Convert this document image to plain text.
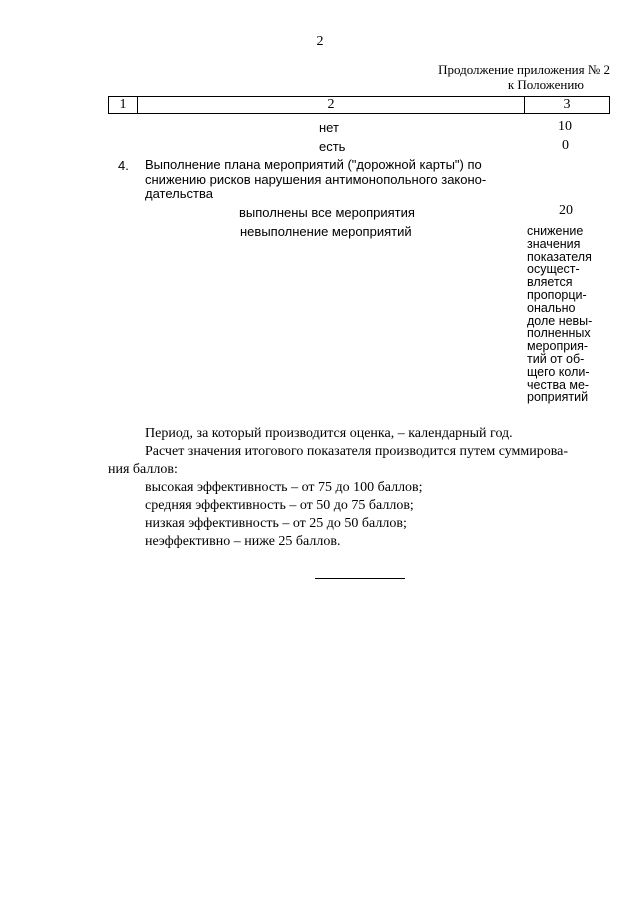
2
Продолжение приложения № 2
к Положению
1	2	3
нет	10
есть	0
4. Выполнение плана мероприятий ("дорожной карты") по
снижению рисков нарушения антимонопольного законо-
дательства
выполнены все мероприятия	20
невыполнение мероприятий	снижение
значения
показателя
осущест-
вляется
пропорци-
онально
доле невы-
полненных
мероприя-
тий от об-
щего коли-
чества ме-
роприятий
Период, за который производится оценка, – календарный год.
Расчет значения итогового показателя производится путем суммирова-
ния баллов:
высокая эффективность – от 75 до 100 баллов;
средняя эффективность – от 50 до 75 баллов;
низкая эффективность – от 25 до 50 баллов;
неэффективно – ниже 25 баллов.
